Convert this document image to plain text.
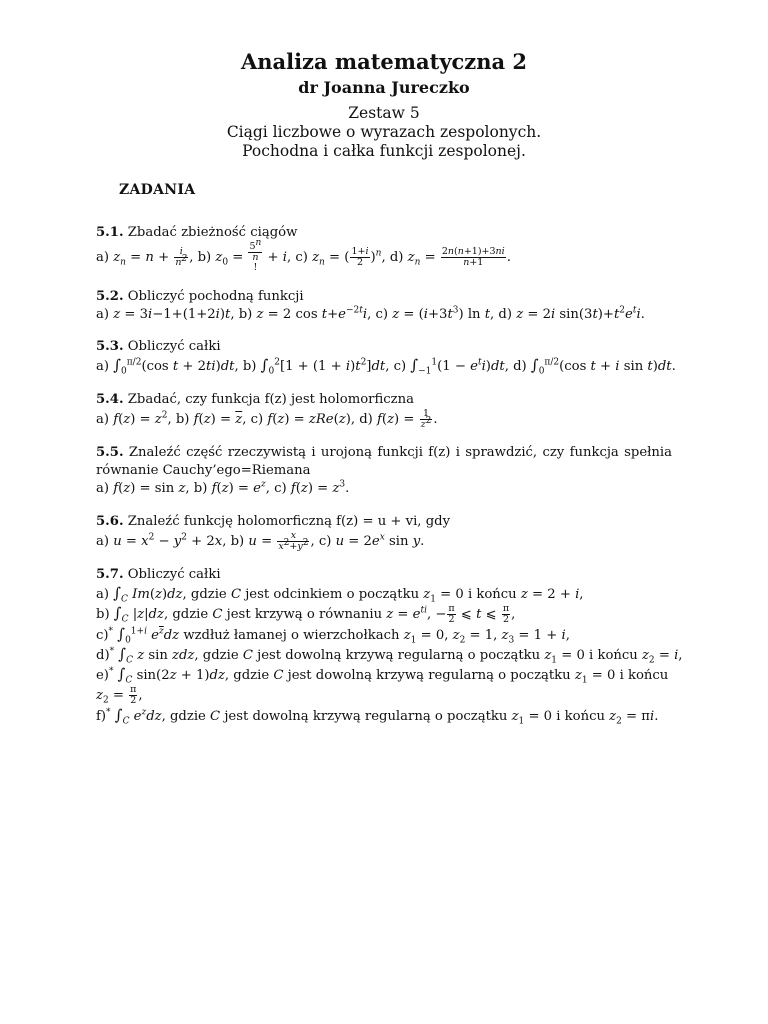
Analiza matematyczna 2

dr Joanna Jureczko

Zestaw 5

Ciągi liczbowe o wyrazach zespolonych.

Pochodna i całka funkcji zespolonej.

ZADANIA

5.1. Zbadać zbieżność ciągów
a) $z_n = n + \frac{i}{n^2}$ , b) $z_0$ =
5$^n$
n
! + i, c) $z_n$ = ( $\frac{1+i}{2} )^n$, d) $z_n = \frac{2n(n+1)+3ni}{n+1}$ .
5.2. Obliczyć pochodną funkcji
a) z = 3i−1+(1+2i)t, b) z = 2 $\cos t+e^{-2t}i$, c) $z = (i+3t^3)$ ln t, d) z = 2i $\sin(3t)+t^2e^ti$.
5.3. Obliczyć całki
a) $\int_0^{\pi/2}(\cos$ t + 2ti)dt, b) $\int_0^2[1 + (1 + i)t^2]dt$, c) $\int_{-1}^1(1 - e^ti)dt$, d) $\int_0^{\pi/2}(\cos$ t + i sin t)dt.
5.4. Zbadać, czy funkcja f(z) jest holomorficzna
a) $f(z) = z^2$, b) $f(z) = \overline{z}$, c) f(z) = zRe(z), d) $f(z) = \frac{1}{z^2}$ .
5.5. Znaleźć część rzeczywistą i urojoną funkcji f(z) i sprawdzić, czy funkcja spełnia równanie Cauchy’ego=Riemana
a) f(z) = sin z, b) $f(z) = e^z$, c) $f(z) = z^3$.
5.6. Znaleźć funkcję holomorficzną f(z) = u + vi, gdy
a) $u = x^2 - y^2 + 2x$, b) $u = \frac{x}{x^2+y^2}$ , c) $u = 2e^x$ sin y.
5.7. Obliczyć całki
a) $\int_C$ Im(z)dz, gdzie C jest odcinkiem o początku $z_1 = 0$ i końcu z = 2 + i,
b) $\int_C$ |z|dz, gdzie C jest krzywą o równaniu $z = e^{ti}$, − $\frac{\pi}{2}$ ⩽ t ⩽ $\frac{\pi}{2}$ ,
c)* $\int_0^{1+i}$ $e^{\overline{z}}dz$ wzdłuż łamanej o wierzchołkach $z_1 = 0$, $z_2 = 1$, $z_3 = 1 + i$,
d)* $\int_C$ z sin zdz, gdzie C jest dowolną krzywą regularną o początku $z_1 = 0$ i końcu $z_2 = i$,
e)* $\int_C$ sin(2z + 1)dz, gdzie C jest dowolną krzywą regularną o początku $z_1 = 0$ i końcu
$z_2 = \frac{\pi}{2}$ ,
f)* $\int_C$ $e^zdz$, gdzie C jest dowolną krzywą regularną o początku $z_1 = 0$ i końcu $z_2 = \pi i$.
